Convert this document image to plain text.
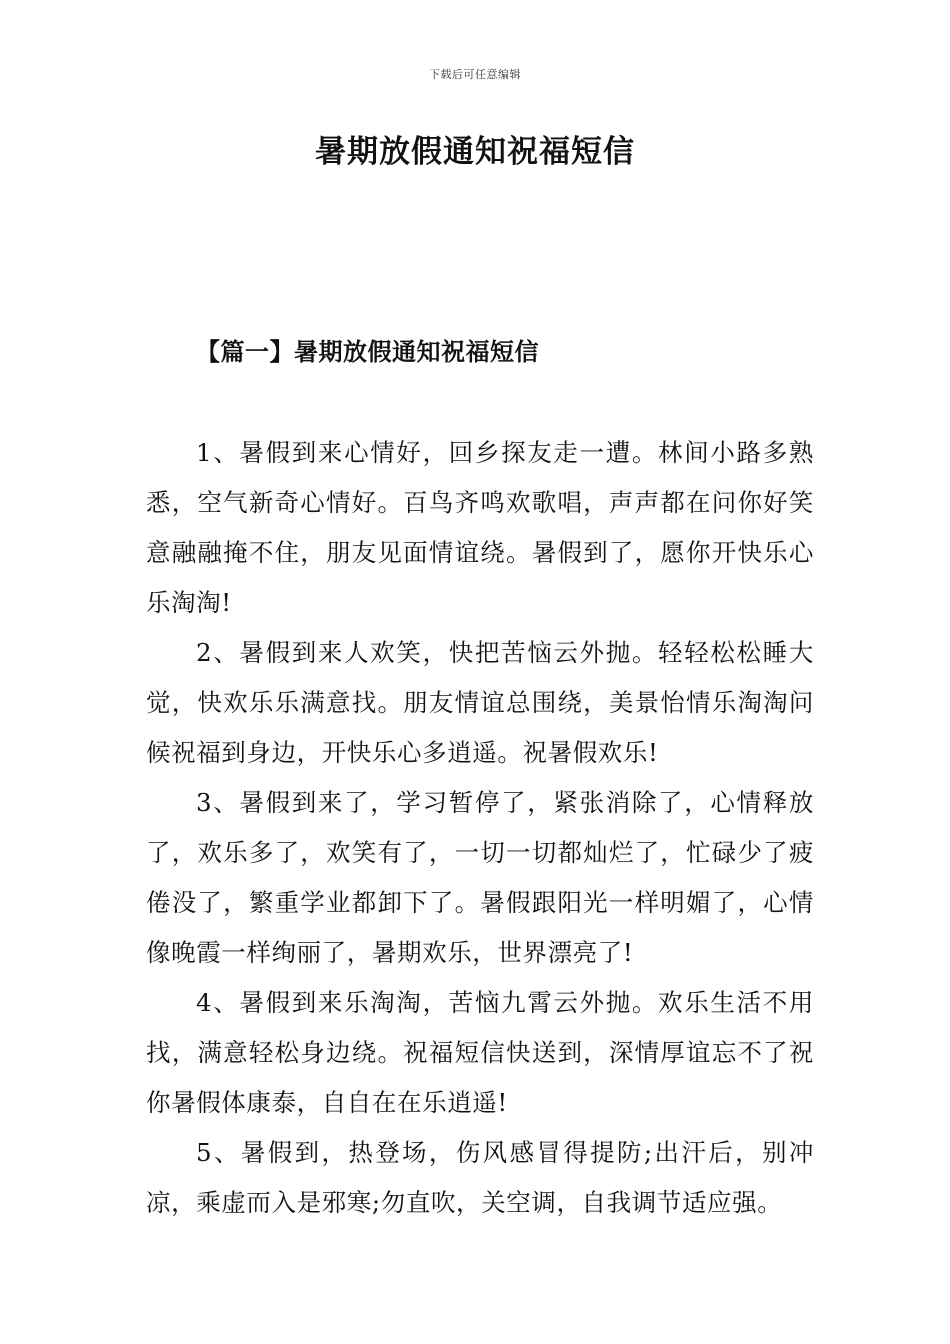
下载后可任意编辑
暑期放假通知祝福短信
【篇一】暑期放假通知祝福短信

1、暑假到来心情好，回乡探友走一遭。林间小路多熟悉，空气新奇心情好。百鸟齐鸣欢歌唱，声声都在问你好笑意融融掩不住，朋友见面情谊绕。暑假到了，愿你开快乐心乐淘淘!

2、暑假到来人欢笑，快把苦恼云外抛。轻轻松松睡大觉，快欢乐乐满意找。朋友情谊总围绕，美景怡情乐淘淘问候祝福到身边，开快乐心多逍遥。祝暑假欢乐!

3、暑假到来了，学习暂停了，紧张消除了，心情释放了，欢乐多了，欢笑有了，一切一切都灿烂了，忙碌少了疲倦没了，繁重学业都卸下了。暑假跟阳光一样明媚了，心情像晚霞一样绚丽了，暑期欢乐，世界漂亮了!

4、暑假到来乐淘淘，苦恼九霄云外抛。欢乐生活不用找，满意轻松身边绕。祝福短信快送到，深情厚谊忘不了祝你暑假体康泰，自自在在乐逍遥!

5、暑假到，热登场，伤风感冒得提防;出汗后，别冲凉，乘虚而入是邪寒;勿直吹，关空调，自我调节适应强。
